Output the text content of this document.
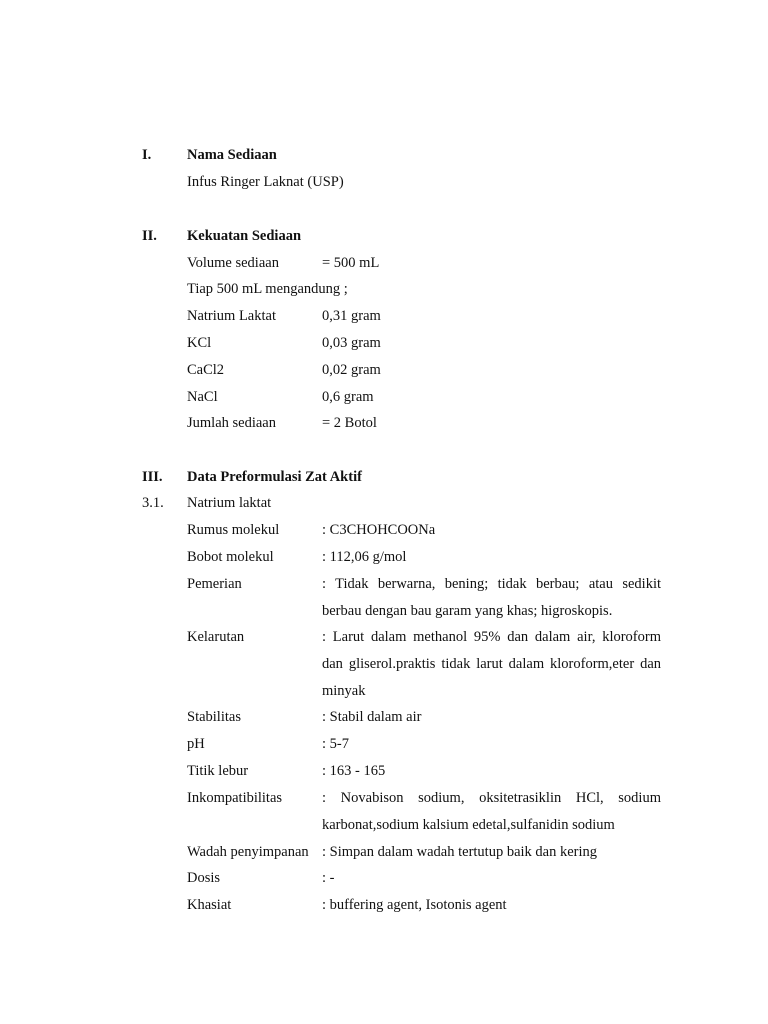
I. Nama Sediaan
Infus Ringer Laknat (USP)
II. Kekuatan Sediaan
Volume sediaan	= 500 mL
Tiap 500 mL mengandung ;
Natrium Laktat	0,31 gram
KCl	0,03 gram
CaCl2	0,02 gram
NaCl	0,6 gram
Jumlah sediaan	= 2 Botol
III. Data Preformulasi Zat Aktif
3.1. Natrium laktat
Rumus molekul	: C3CHOHCOONa
Bobot molekul	: 112,06 g/mol
Pemerian	: Tidak berwarna, bening; tidak berbau; atau sedikit
berbau dengan bau garam yang khas; higroskopis.
Kelarutan	: Larut dalam methanol 95% dan dalam air, kloroform
dan gliserol.praktis tidak larut dalam kloroform,eter dan
minyak
Stabilitas	: Stabil dalam air
pH	: 5-7
Titik lebur	: 163 - 165
Inkompatibilitas	: Novabison sodium, oksitetrasiklin HCl, sodium
karbonat,sodium kalsium edetal,sulfanidin sodium
Wadah penyimpanan : Simpan dalam wadah tertutup baik dan kering
Dosis	: -
Khasiat	: buffering agent, Isotonis agent
